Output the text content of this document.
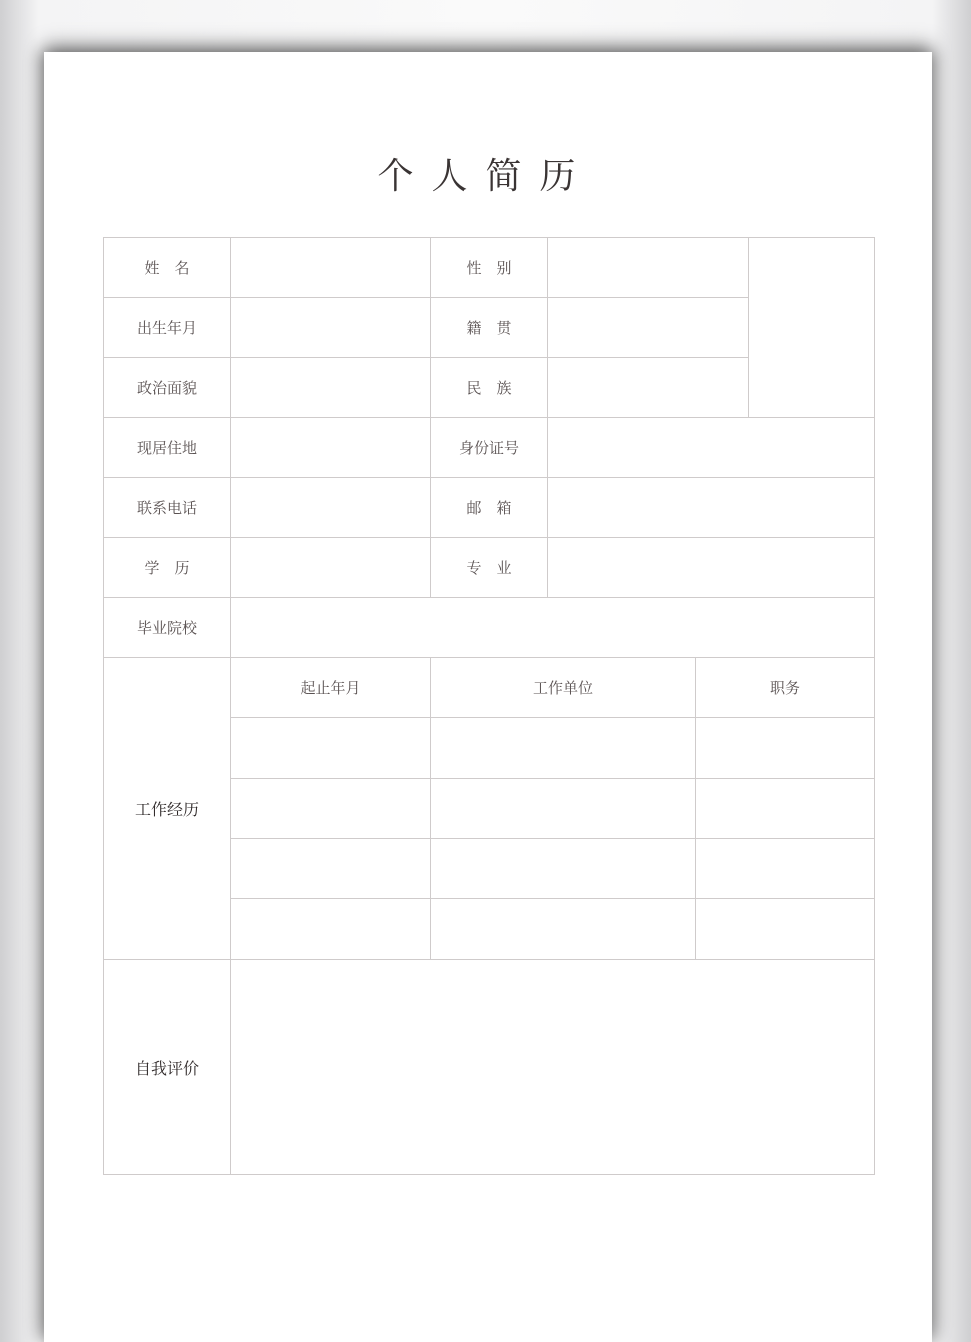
个人简历
姓　名	性　别
出生年月	籍　贯
政治面貌	民　族
现居住地	身份证号
联系电话	邮　箱
学　历	专　业
毕业院校
工作经历
起止年月	工作单位	职务
自我评价
